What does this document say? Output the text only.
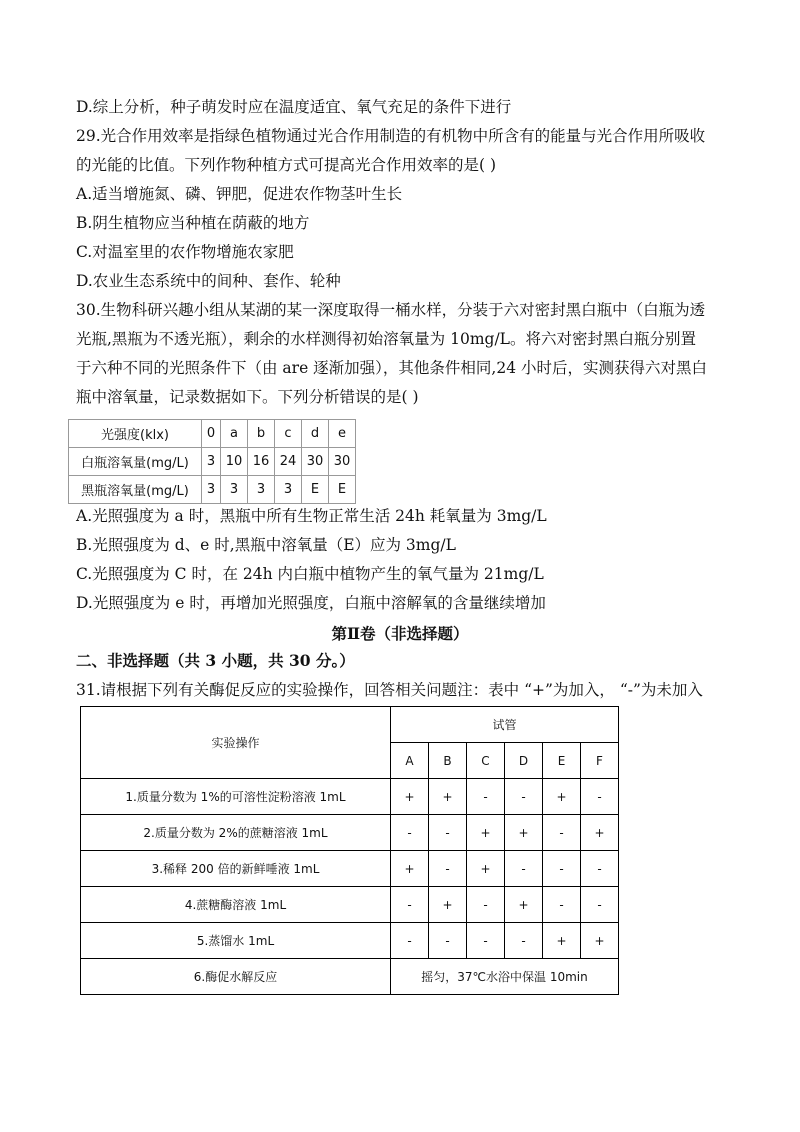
D.综上分析，种子萌发时应在温度适宜、氧气充足的条件下进行
29.光合作用效率是指绿色植物通过光合作用制造的有机物中所含有的能量与光合作用所吸收
的光能的比值。下列作物种植方式可提高光合作用效率的是( )
A.适当增施氮、磷、钾肥，促进农作物茎叶生长
B.阴生植物应当种植在荫蔽的地方
C.对温室里的农作物增施农家肥
D.农业生态系统中的间种、套作、轮种
30.生物科研兴趣小组从某湖的某一深度取得一桶水样，分装于六对密封黑白瓶中（白瓶为透
光瓶,黑瓶为不透光瓶），剩余的水样测得初始溶氧量为 10mg/L。将六对密封黑白瓶分别置
于六种不同的光照条件下（由 are 逐渐加强），其他条件相同,24 小时后，实测获得六对黑白
瓶中溶氧量，记录数据如下。下列分析错误的是( )
光强度(klx)	0	a	b	c	d	e
白瓶溶氧量(mg/L)	3	10	16	24	30	30
黑瓶溶氧量(mg/L)	3	3	3	3	E	E
A.光照强度为 a 时，黑瓶中所有生物正常生活 24h 耗氧量为 3mg/L
B.光照强度为 d、e 时,黑瓶中溶氧量（E）应为 3mg/L
C.光照强度为 C 时，在 24h 内白瓶中植物产生的氧气量为 21mg/L
D.光照强度为 e 时，再增加光照强度，白瓶中溶解氧的含量继续增加
第Ⅱ卷（非选择题）
二、非选择题（共 3 小题，共 30 分。）
31.请根据下列有关酶促反应的实验操作，回答相关问题注：表中 “+”为加入， “-”为未加入
实验操作	试管					
	A	B	C	D	E	F
1.质量分数为 1%的可溶性淀粉溶液 1mL	+	+	-	-	+	-
2.质量分数为 2%的蔗糖溶液 1mL	-	-	+	+	-	+
3.稀释 200 倍的新鲜唾液 1mL	+	-	+	-	-	-
4.蔗糖酶溶液 1mL	-	+	-	+	-	-
5.蒸馏水 1mL	-	-	-	-	+	+
6.酶促水解反应	摇匀，37℃水浴中保温 10min					
